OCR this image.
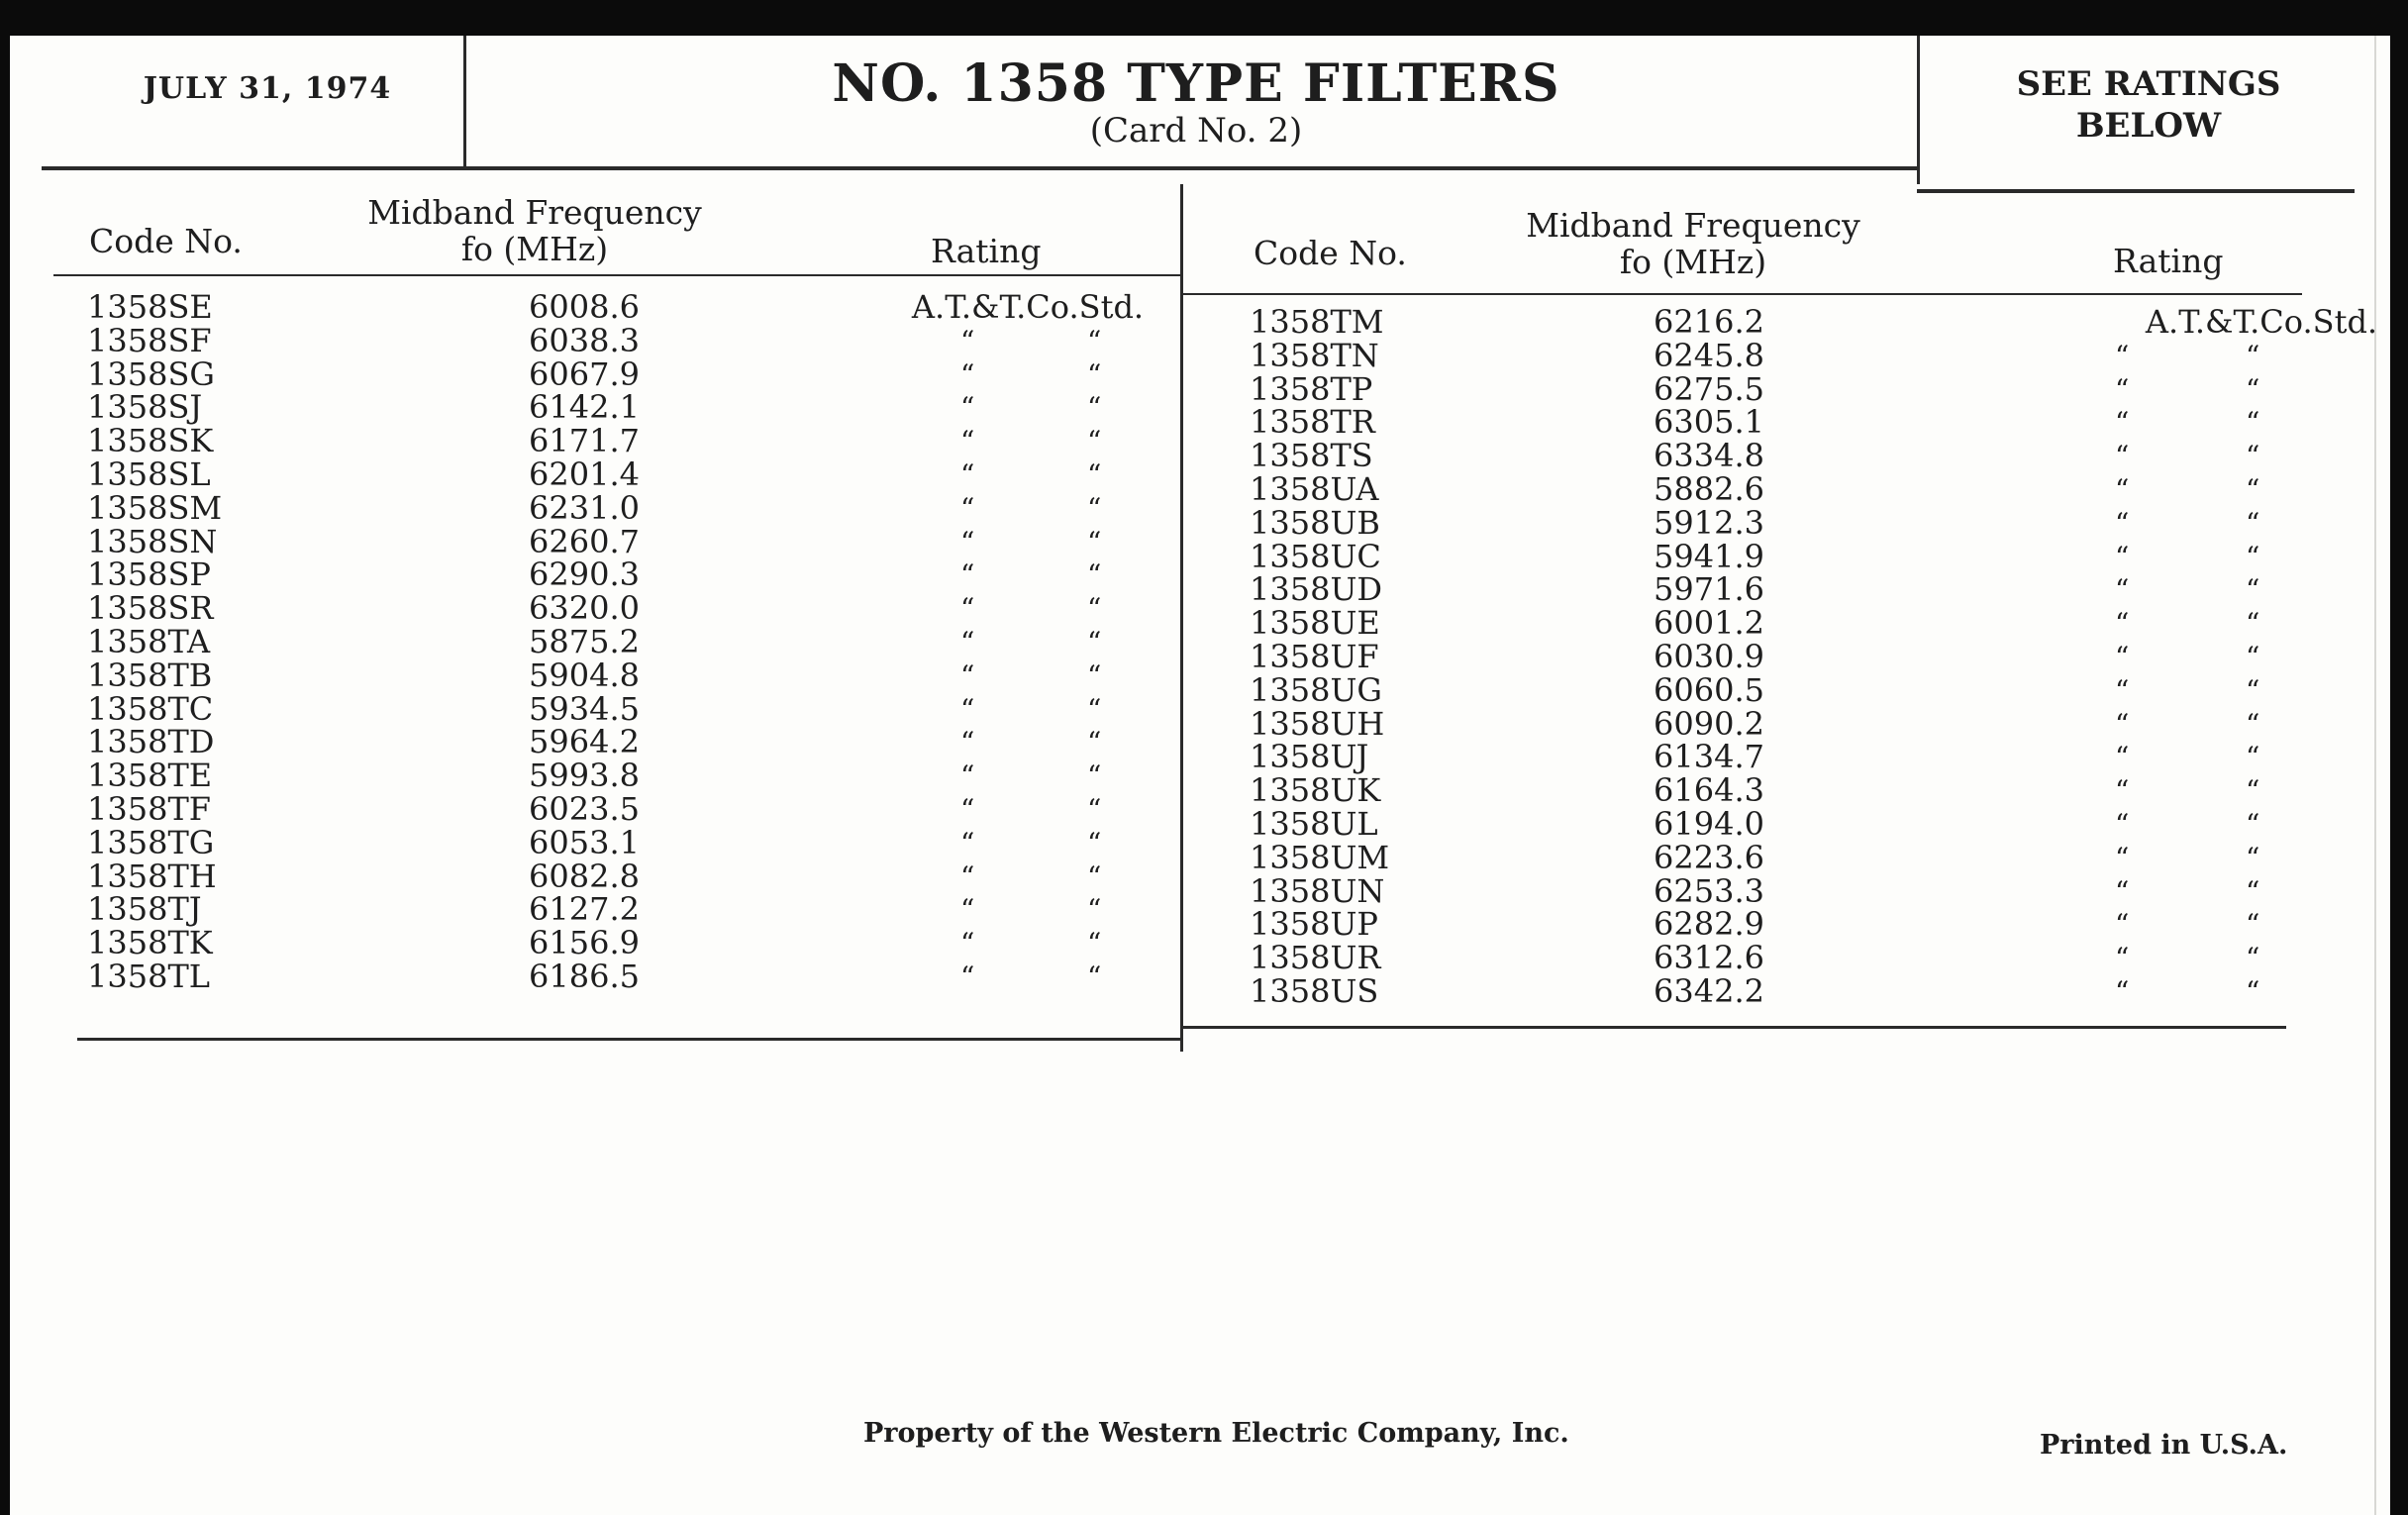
JULY 31, 1974	NO. 1358 TYPE FILTERS
(Card No. 2)
SEE RATINGS
BELOW
Code No.
Midband Frequency
fo (MHz)	Rating	Code No.
Midband Frequency
fo (MHz)	Rating
1358SE	6008.6	A.T.&T.Co.Std.
1358SF	6038.3	“	“
1358SG	6067.9	“	“
1358SJ	6142.1	“	“
1358SK	6171.7	“	“
1358SL	6201.4	“	“
1358SM	6231.0	“	“
1358SN	6260.7	“	“
1358SP	6290.3	“	“
1358SR	6320.0	“	“
1358TA	5875.2	“	“
1358TB	5904.8	“	“
1358TC	5934.5	“	“
1358TD	5964.2	“	“
1358TE	5993.8	“	“
1358TF	6023.5	“	“
1358TG	6053.1	“	“
1358TH	6082.8	“	“
1358TJ	6127.2	“	“
1358TK	6156.9	“	“
1358TL	6186.5	“	“
1358TM	6216.2	A.T.&T.Co.Std.
1358TN	6245.8	“	“
1358TP	6275.5	“	“
1358TR	6305.1	“	“
1358TS	6334.8	“	“
1358UA	5882.6	“	“
1358UB	5912.3	“	“
1358UC	5941.9	“	“
1358UD	5971.6	“	“
1358UE	6001.2	“	“
1358UF	6030.9	“	“
1358UG	6060.5	“	“
1358UH	6090.2	“	“
1358UJ	6134.7	“	“
1358UK	6164.3	“	“
1358UL	6194.0	“	“
1358UM	6223.6	“	“
1358UN	6253.3	“	“
1358UP	6282.9	“	“
1358UR	6312.6	“	“
1358US	6342.2	“	“
Property of the Western Electric Company, Inc.	Printed in U.S.A.
